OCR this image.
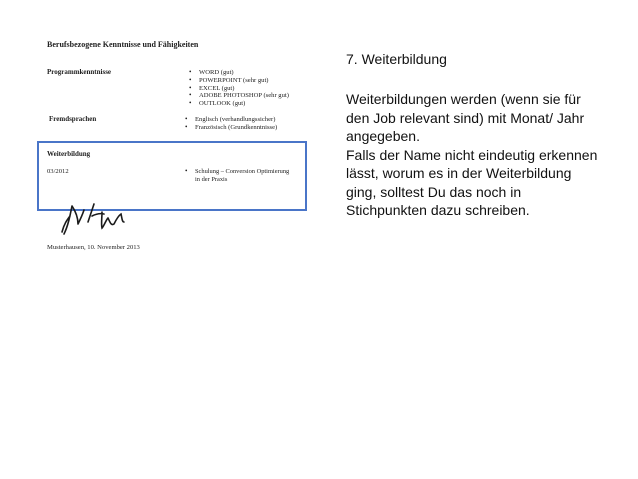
Berufsbezogene Kenntnisse und Fähigkeiten
Programmkenntnisse	• WORD (gut)
• POWERPOINT (sehr gut)
• EXCEL (gut)
• ADOBE PHOTOSHOP (sehr gut)
• OUTLOOK (gut)
Fremdsprachen	• Englisch (verhandlungssicher)
• Französisch (Grundkenntnisse)
Weiterbildung
03/2012	• Schulung – Conversion Optimierung
in der Praxis
Musterhausen, 10. November 2013
7. Weiterbildung
Weiterbildungen werden (wenn sie für
den Job relevant sind) mit Monat/ Jahr
angegeben.
Falls der Name nicht eindeutig erkennen
lässt, worum es in der Weiterbildung
ging, solltest Du das noch in
Stichpunkten dazu schreiben.
